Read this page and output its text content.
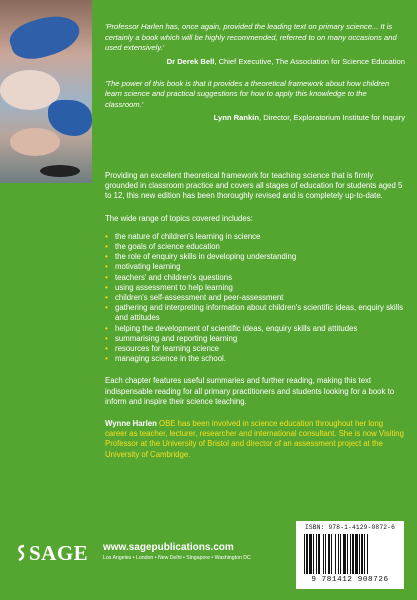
'Professor Harlen has, once again, provided the leading text on primary science... It is certainly a book which will be highly recommended, referred to on many occasions and used extensively.'

Dr Derek Bell, Chief Executive, The Association for Science Education

'The power of this book is that it provides a theoretical framework about how children learn science and practical suggestions for how to apply this knowledge to the classroom.'

Lynn Rankin, Director, Exploratorium Institute for Inquiry

Providing an excellent theoretical framework for teaching science that is firmly grounded in classroom practice and covers all stages of education for students aged 5 to 12, this new edition has been thoroughly revised and is completely up-to-date.

The wide range of topics covered includes:

• the nature of children's learning in science
• the goals of science education
• the role of enquiry skills in developing understanding
• motivating learning
• teachers' and children's questions
• using assessment to help learning
• children's self-assessment and peer-assessment
• gathering and interpreting information about children's scientific ideas, enquiry skills and attitudes
• helping the development of scientific ideas, enquiry skills and attitudes
• summarising and reporting learning
• resources for learning science
• managing science in the school.

Each chapter features useful summaries and further reading, making this text indispensable reading for all primary practitioners and students looking for a book to inform and inspire their science teaching.

Wynne Harlen OBE has been involved in science education throughout her long career as teacher, lecturer, researcher and international consultant. She is now Visiting Professor at the University of Bristol and director of an assessment project at the University of Cambridge.

SAGE www.sagepublications.com
Los Angeles • London • New Delhi • Singapore • Washington DC
ISBN: 978-1-4129-0872-6
9 781412 908726
